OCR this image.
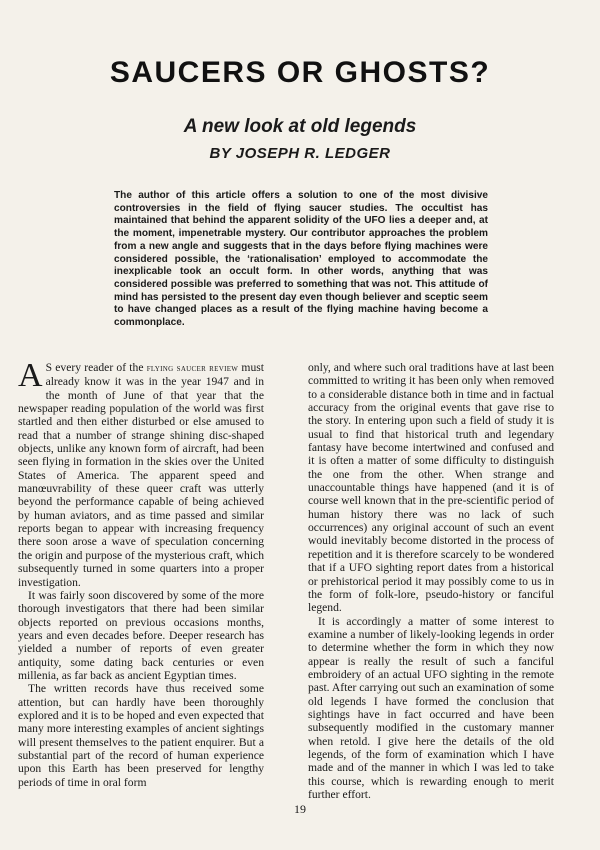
SAUCERS OR GHOSTS?
A new look at old legends
BY JOSEPH R. LEDGER
The author of this article offers a solution to one of the most divisive controversies in the field of flying saucer studies. The occultist has maintained that behind the apparent solidity of the UFO lies a deeper and, at the moment, impenetrable mystery. Our contributor approaches the problem from a new angle and suggests that in the days before flying machines were considered possible, the ‘rationalisation’ employed to accommodate the inexplicable took an occult form. In other words, anything that was considered possible was preferred to something that was not. This attitude of mind has persisted to the present day even though believer and sceptic seem to have changed places as a result of the flying machine having become a commonplace.

A S every reader of the flying saucer review must already know it was in the year 1947 and in the month of June of that year that the newspaper reading population of the world was first startled and then either disturbed or else amused to read that a number of strange shining disc-shaped objects, unlike any known form of aircraft, had been seen flying in formation in the skies over the United States of America. The apparent speed and manœuvrability of these queer craft was utterly beyond the performance capable of being achieved by human aviators, and as time passed and similar reports began to appear with increasing frequency there soon arose a wave of speculation concerning the origin and purpose of the mysterious craft, which subsequently turned in some quarters into a proper investigation.

It was fairly soon discovered by some of the more thorough investigators that there had been similar objects reported on previous occasions months, years and even decades before. Deeper research has yielded a number of reports of even greater antiquity, some dating back centuries or even millenia, as far back as ancient Egyptian times.

The written records have thus received some attention, but can hardly have been thoroughly explored and it is to be hoped and even expected that many more interesting examples of ancient sightings will present themselves to the patient enquirer. But a substantial part of the record of human experience upon this Earth has been preserved for lengthy periods of time in oral form

only, and where such oral traditions have at last been committed to writing it has been only when removed to a considerable distance both in time and in factual accuracy from the original events that gave rise to the story. In entering upon such a field of study it is usual to find that historical truth and legendary fantasy have become intertwined and confused and it is often a matter of some difficulty to distinguish the one from the other. When strange and unaccountable things have happened (and it is of course well known that in the pre-scientific period of human history there was no lack of such occurrences) any original account of such an event would inevitably become distorted in the process of repetition and it is therefore scarcely to be wondered that if a UFO sighting report dates from a historical or prehistorical period it may possibly come to us in the form of folk-lore, pseudo-history or fanciful legend.

It is accordingly a matter of some interest to examine a number of likely-looking legends in order to determine whether the form in which they now appear is really the result of such a fanciful embroidery of an actual UFO sighting in the remote past. After carrying out such an examination of some old legends I have formed the conclusion that sightings have in fact occurred and have been subsequently modified in the customary manner when retold. I give here the details of the old legends, of the form of examination which I have made and of the manner in which I was led to take this course, which is rewarding enough to merit further effort.

19
